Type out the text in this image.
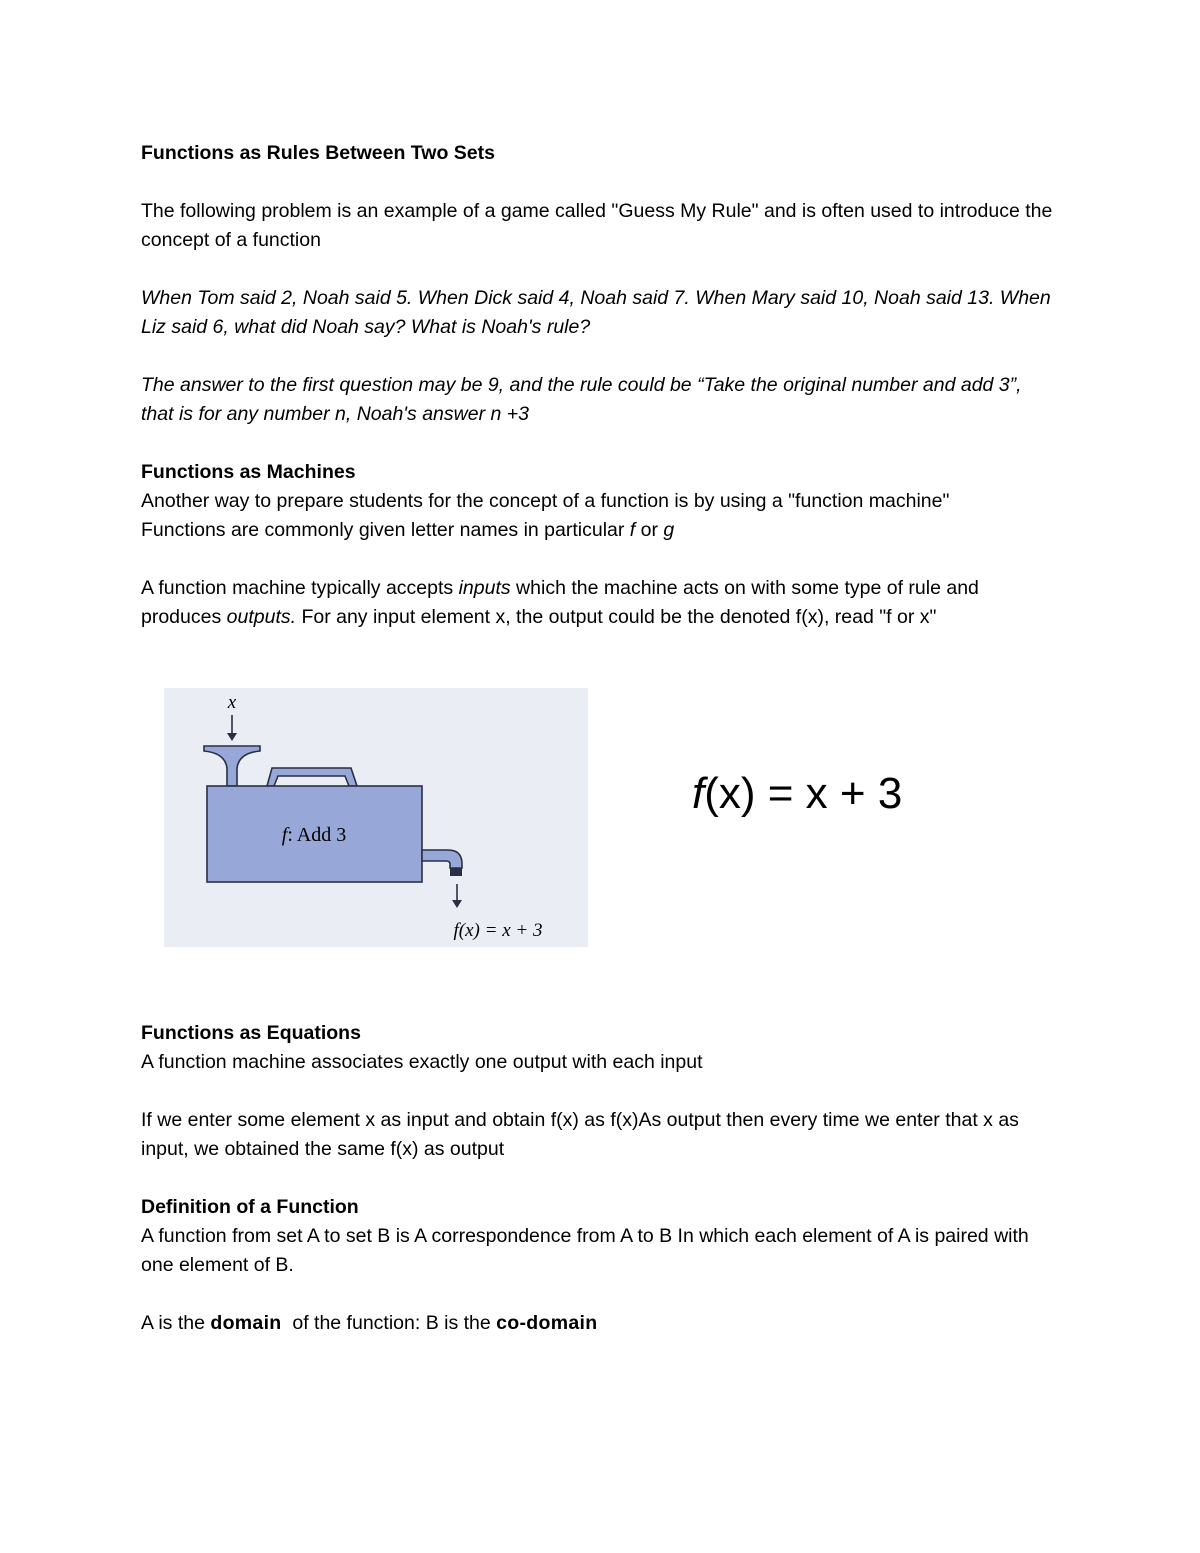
Functions as Rules Between Two Sets

The following problem is an example of a game called "Guess My Rule" and is often used to introduce the concept of a function

When Tom said 2, Noah said 5. When Dick said 4, Noah said 7. When Mary said 10, Noah said 13. When Liz said 6, what did Noah say? What is Noah's rule?

The answer to the first question may be 9, and the rule could be “Take the original number and add 3”, that is for any number n, Noah's answer n +3

Functions as Machines

Another way to prepare students for the concept of a function is by using a "function machine"

Functions are commonly given letter names in particular f or g

A function machine typically accepts inputs which the machine acts on with some type of rule and produces outputs. For any input element x, the output could be the denoted f(x), read "f or x"

x
f: Add 3
f(x) = x + 3
f(x) = x + 3

Functions as Equations

A function machine associates exactly one output with each input

If we enter some element x as input and obtain f(x) as f(x)As output then every time we enter that x as input, we obtained the same f(x) as output

Definition of a Function

A function from set A to set B is A correspondence from A to B In which each element of A is paired with one element of B.

A is the domain  of the function: B is the co-domain
